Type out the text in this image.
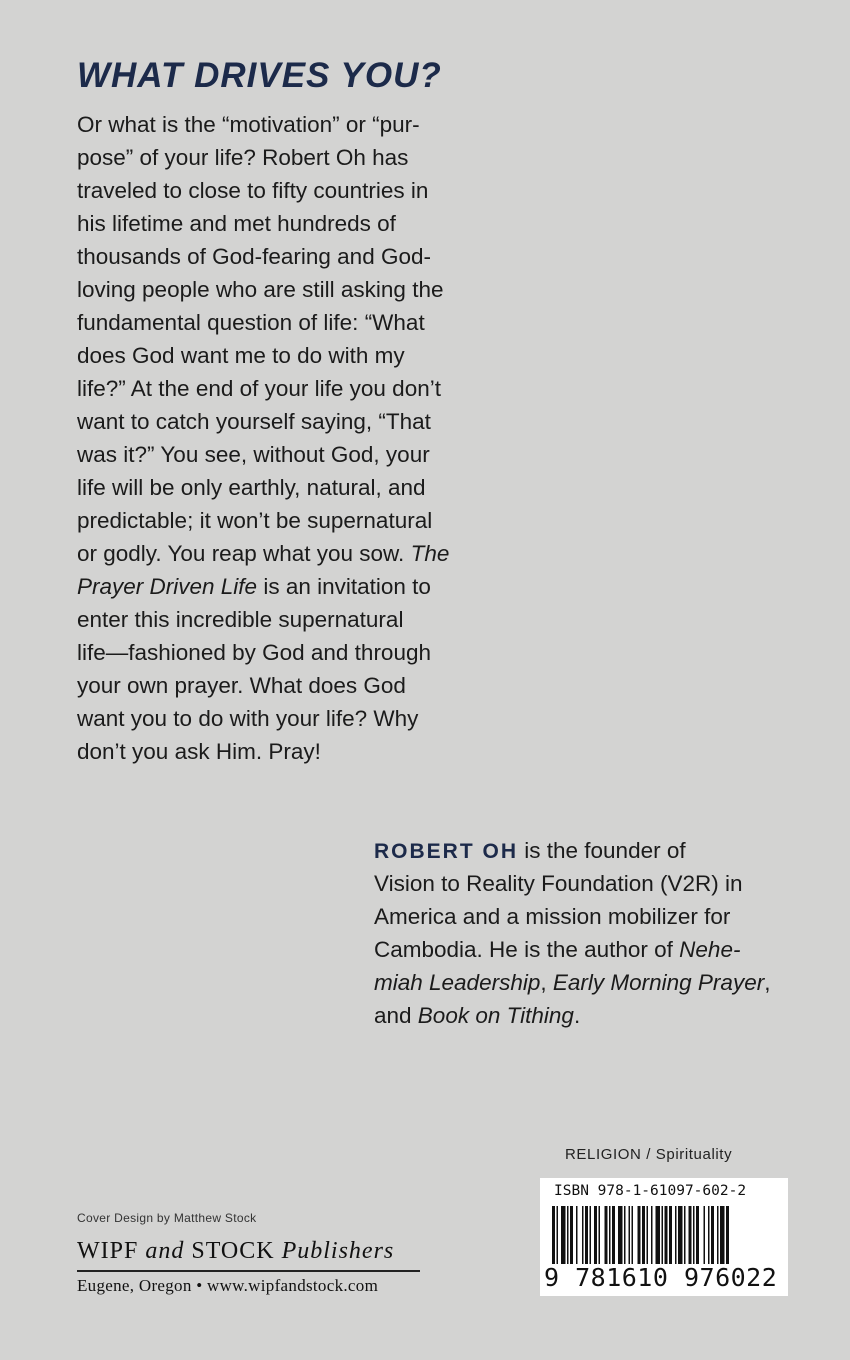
WHAT DRIVES YOU?
Or what is the “motivation” or “pur-
pose” of your life? Robert Oh has
traveled to close to fifty countries in
his lifetime and met hundreds of
thousands of God-fearing and God-
loving people who are still asking the
fundamental question of life: “What
does God want me to do with my
life?” At the end of your life you don’t
want to catch yourself saying, “That
was it?” You see, without God, your
life will be only earthly, natural, and
predictable; it won’t be supernatural
or godly. You reap what you sow. The
Prayer Driven Life is an invitation to
enter this incredible supernatural
life—fashioned by God and through
your own prayer. What does God
want you to do with your life? Why
don’t you ask Him. Pray!
ROBERT OH is the founder of
Vision to Reality Foundation (V2R) in
America and a mission mobilizer for
Cambodia. He is the author of Nehe-
miah Leadership, Early Morning Prayer,
and Book on Tithing.
RELIGION / Spirituality
ISBN 978-1-61097-602-2
9 781610 976022
Cover Design by Matthew Stock
WIPF and STOCK Publishers
Eugene, Oregon • www.wipfandstock.com
